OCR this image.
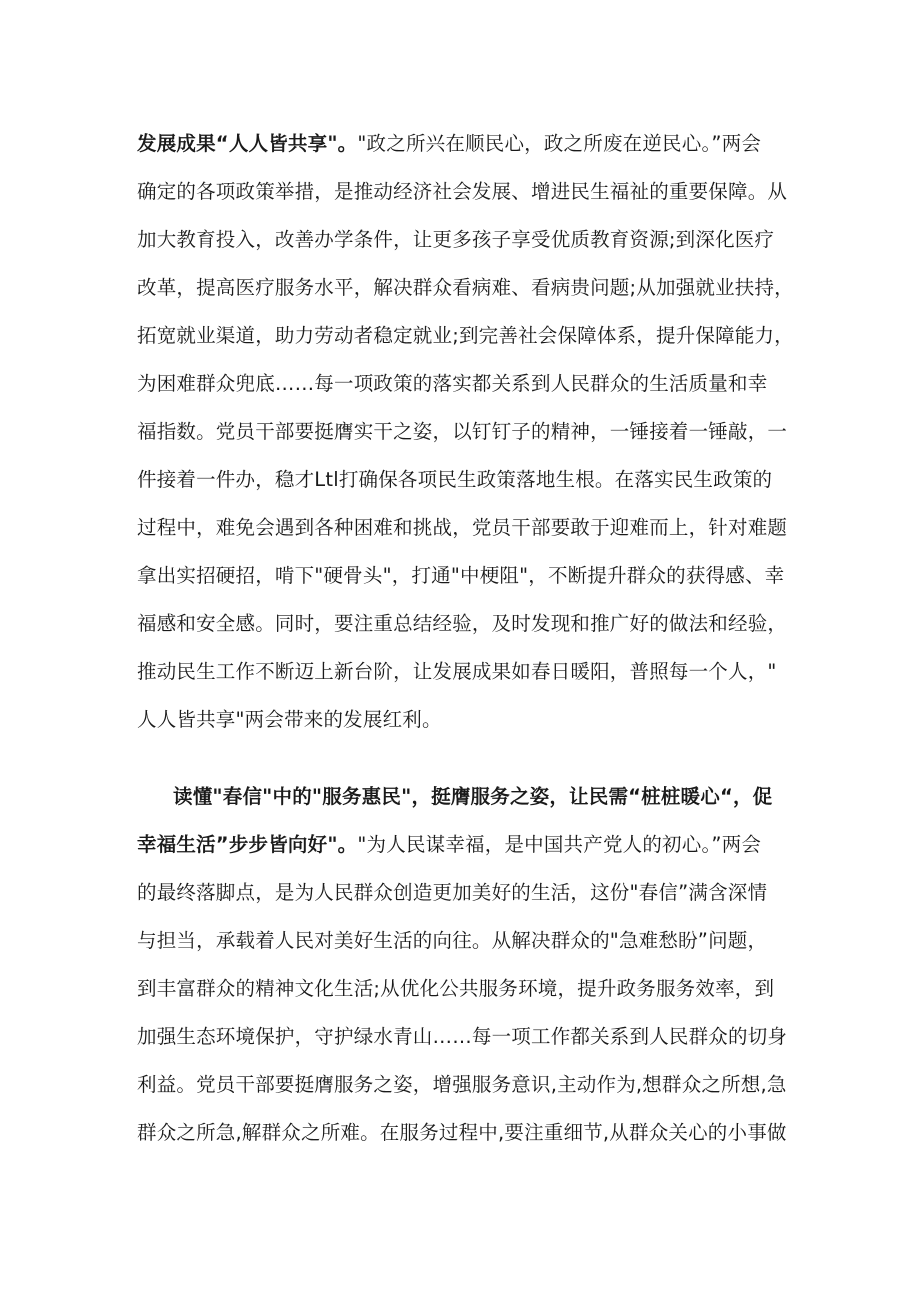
发展成果“人人皆共享"。"政之所兴在顺民心，政之所废在逆民心。”两会
确定的各项政策举措，是推动经济社会发展、增进民生福祉的重要保障。从
加大教育投入，改善办学条件，让更多孩子享受优质教育资源;到深化医疗
改革，提高医疗服务水平，解决群众看病难、看病贵问题;从加强就业扶持，
拓宽就业渠道，助力劳动者稳定就业;到完善社会保障体系，提升保障能力，
为困难群众兜底……每一项政策的落实都关系到人民群众的生活质量和幸
福指数。党员干部要挺膺实干之姿，以钉钉子的精神，一锤接着一锤敲，一
件接着一件办，稳才Ltl打确保各项民生政策落地生根。在落实民生政策的
过程中，难免会遇到各种困难和挑战，党员干部要敢于迎难而上，针对难题
拿出实招硬招，啃下"硬骨头"，打通"中梗阻"，不断提升群众的获得感、幸
福感和安全感。同时，要注重总结经验，及时发现和推广好的做法和经验，
推动民生工作不断迈上新台阶，让发展成果如春日暖阳，普照每一个人，"
人人皆共享"两会带来的发展红利。
读懂"春信"中的"服务惠民"，挺膺服务之姿，让民需“桩桩暖心“，促
幸福生活”步步皆向好"。"为人民谋幸福，是中国共产党人的初心。”两会
的最终落脚点，是为人民群众创造更加美好的生活，这份"春信”满含深情
与担当，承载着人民对美好生活的向往。从解决群众的"急难愁盼”问题，
到丰富群众的精神文化生活;从优化公共服务环境，提升政务服务效率，到
加强生态环境保护，守护绿水青山……每一项工作都关系到人民群众的切身
利益。党员干部要挺膺服务之姿，增强服务意识,主动作为,想群众之所想,急
群众之所急,解群众之所难。在服务过程中,要注重细节,从群众关心的小事做
